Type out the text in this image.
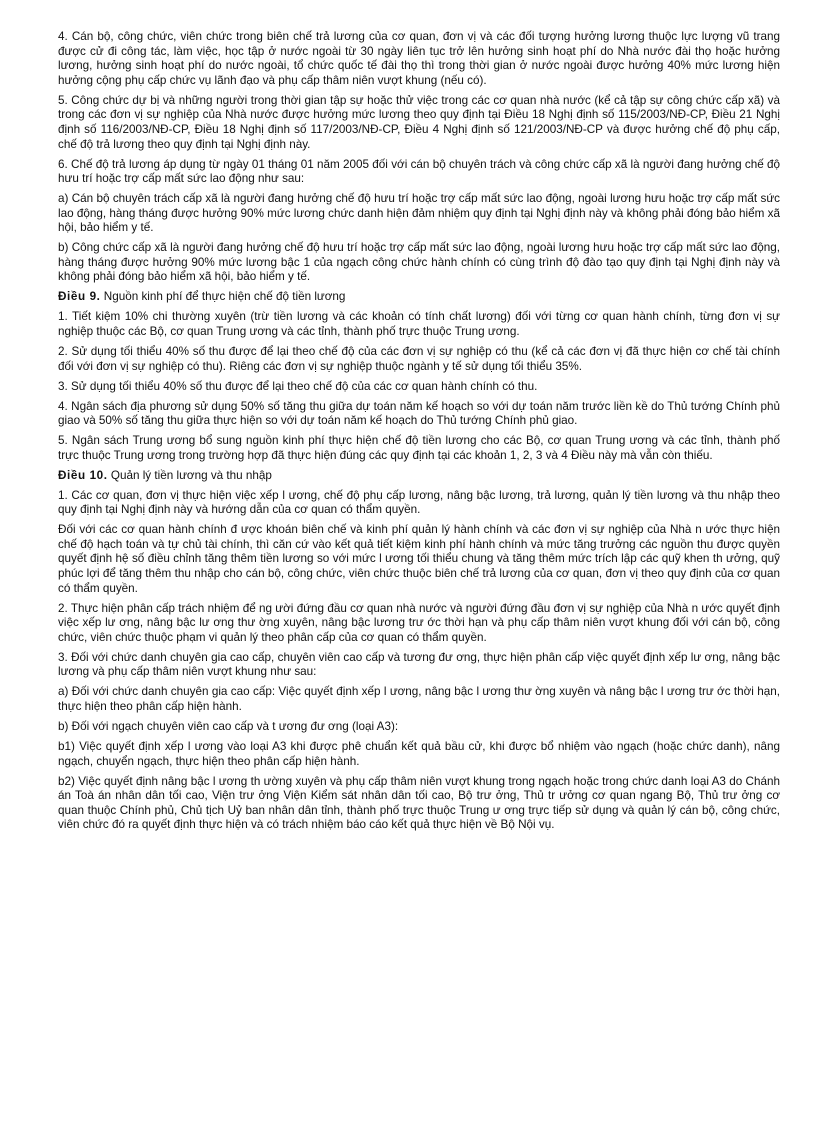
4. Cán bộ, công chức, viên chức trong biên chế trả lương của cơ quan, đơn vị và các đối tượng hưởng lương thuộc lực lượng vũ trang được cử đi công tác, làm việc, học tập ở nước ngoài từ 30 ngày liên tục trở lên hưởng sinh hoạt phí do Nhà nước đài thọ hoặc hưởng lương, hưởng sinh hoạt phí do nước ngoài, tổ chức quốc tế đài thọ thì trong thời gian ở nước ngoài được hưởng 40% mức lương hiện hưởng cộng phụ cấp chức vụ lãnh đạo và phụ cấp thâm niên vượt khung (nếu có).

5. Công chức dự bị và những người trong thời gian tập sự hoặc thử việc trong các cơ quan nhà nước (kể cả tập sự công chức cấp xã) và trong các đơn vị sự nghiệp của Nhà nước được hưởng mức lương theo quy định tại Điều 18 Nghị định số 115/2003/NĐ-CP, Điều 21 Nghị định số 116/2003/NĐ-CP, Điều 18 Nghị định số 117/2003/NĐ-CP, Điều 4 Nghị định số 121/2003/NĐ-CP và được hưởng chế độ phụ cấp, chế độ trả lương theo quy định tại Nghị định này.

6. Chế độ trả lương áp dụng từ ngày 01 tháng 01 năm 2005 đối với cán bộ chuyên trách và công chức cấp xã là người đang hưởng chế độ hưu trí hoặc trợ cấp mất sức lao động như sau:

a) Cán bộ chuyên trách cấp xã là người đang hưởng chế độ hưu trí hoặc trợ cấp mất sức lao động, ngoài lương hưu hoặc trợ cấp mất sức lao động, hàng tháng được hưởng 90% mức lương chức danh hiện đảm nhiệm quy định tại Nghị định này và không phải đóng bảo hiểm xã hội, bảo hiểm y tế.

b) Công chức cấp xã là người đang hưởng chế độ hưu trí hoặc trợ cấp mất sức lao động, ngoài lương hưu hoặc trợ cấp mất sức lao động, hàng tháng được hưởng 90% mức lương bậc 1 của ngạch công chức hành chính có cùng trình độ đào tạo quy định tại Nghị định này và không phải đóng bảo hiểm xã hội, bảo hiểm y tế.

Điều 9. Nguồn kinh phí để thực hiện chế độ tiền lương

1. Tiết kiệm 10% chi thường xuyên (trừ tiền lương và các khoản có tính chất lương) đối với từng cơ quan hành chính, từng đơn vị sự nghiệp thuộc các Bộ, cơ quan Trung ương và các tỉnh, thành phố trực thuộc Trung ương.

2. Sử dụng tối thiểu 40% số thu được để lại theo chế độ của các đơn vị sự nghiệp có thu (kể cả các đơn vị đã thực hiện cơ chế tài chính đối với đơn vị sự nghiệp có thu). Riêng các đơn vị sự nghiệp thuộc ngành y tế sử dụng tối thiểu 35%.

3. Sử dụng tối thiểu 40% số thu được để lại theo chế độ của các cơ quan hành chính có thu.

4. Ngân sách địa phương sử dụng 50% số tăng thu giữa dự toán năm kế hoạch so với dự toán năm trước liền kề do Thủ tướng Chính phủ giao và 50% số tăng thu giữa thực hiện so với dự toán năm kế hoạch do Thủ tướng Chính phủ giao.

5. Ngân sách Trung ương bổ sung nguồn kinh phí thực hiện chế độ tiền lương cho các Bộ, cơ quan Trung ương và các tỉnh, thành phố trực thuộc Trung ương trong trường hợp đã thực hiện đúng các quy định tại các khoản 1, 2, 3 và 4 Điều này mà vẫn còn thiếu.

Điều 10. Quản lý tiền lương và thu nhập

1. Các cơ quan, đơn vị thực hiện việc xếp l ương, chế độ phụ cấp lương, nâng bậc lương, trả lương, quản lý tiền lương và thu nhập theo quy định tại Nghị định này và hướng dẫn của cơ quan có thẩm quyền.

Đối với các cơ quan hành chính đ ược khoán biên chế và kinh phí quản lý hành chính và các đơn vị sự nghiệp của Nhà n ước thực hiện chế độ hạch toán và tự chủ tài chính, thì căn cứ vào kết quả tiết kiệm kinh phí hành chính và mức tăng trưởng các nguồn thu được quyền quyết định hệ số điều chỉnh tăng thêm tiền lương so với mức l ương tối thiểu chung và tăng thêm mức trích lập các quỹ khen th ưởng, quỹ phúc lợi để tăng thêm thu nhập cho cán bộ, công chức, viên chức thuộc biên chế trả lương của cơ quan, đơn vị theo quy định của cơ quan có thẩm quyền.

2. Thực hiện phân cấp trách nhiệm để ng ười đứng đầu cơ quan nhà nước và người đứng đầu đơn vị sự nghiệp của Nhà n ước quyết định việc xếp lư ơng, nâng bậc lư ơng thư ờng xuyên, nâng bậc lương trư ớc thời hạn và phụ cấp thâm niên vượt khung đối với cán bộ, công chức, viên chức thuộc phạm vi quản lý theo phân cấp của cơ quan có thẩm quyền.

3. Đối với chức danh chuyên gia cao cấp, chuyên viên cao cấp và tương đư ơng, thực hiện phân cấp việc quyết định xếp lư ơng, nâng bậc lương và phụ cấp thâm niên vượt khung như sau:

a) Đối với chức danh chuyên gia cao cấp: Việc quyết định xếp l ương, nâng bậc l ương thư ờng xuyên và nâng bậc l ương trư ớc thời hạn, thực hiện theo phân cấp hiện hành.

b) Đối với ngạch chuyên viên cao cấp và t ương đư ơng (loại A3):

b1) Việc quyết định xếp l ương vào loại A3 khi được phê chuẩn kết quả bầu cử, khi được bổ nhiệm vào ngạch (hoặc chức danh), nâng ngạch, chuyển ngạch, thực hiện theo phân cấp hiện hành.

b2) Việc quyết định nâng bậc l ương th ường xuyên và phụ cấp thâm niên vượt khung trong ngạch hoặc trong chức danh loại A3 do Chánh án Toà án nhân dân tối cao, Viện trư ởng Viện Kiểm sát nhân dân tối cao, Bộ trư ởng, Thủ tr ưởng cơ quan ngang Bộ, Thủ trư ởng cơ quan thuộc Chính phủ, Chủ tịch Uỷ ban nhân dân tỉnh, thành phố trực thuộc Trung ư ơng trực tiếp sử dụng và quản lý cán bộ, công chức, viên chức đó ra quyết định thực hiện và có trách nhiệm báo cáo kết quả thực hiện về Bộ Nội vụ.
